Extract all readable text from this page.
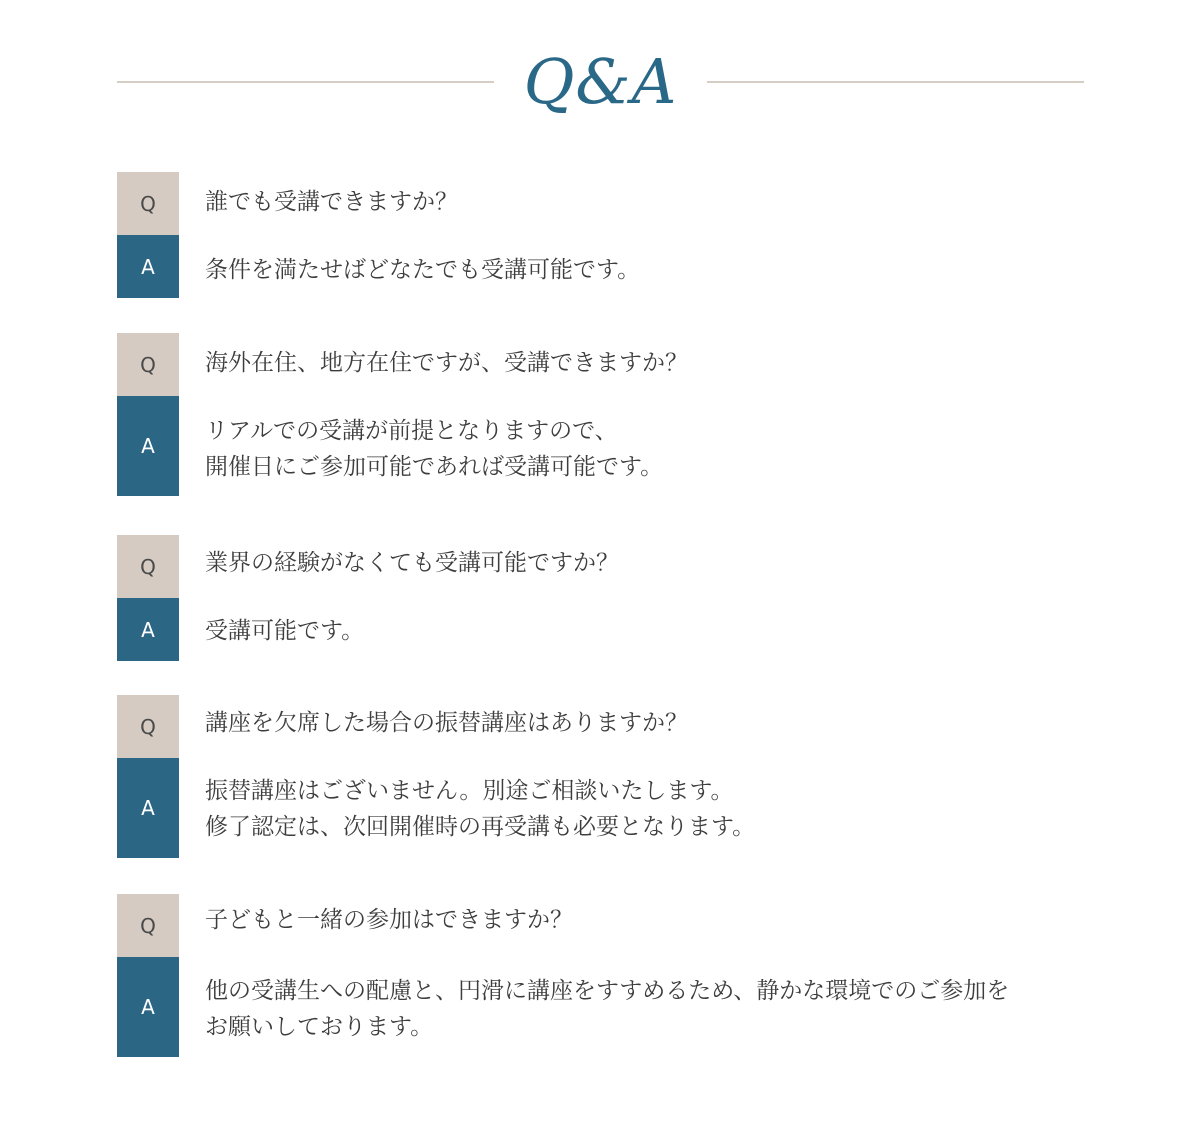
Q&A
Q	誰でも受講できますか？
A	条件を満たせばどなたでも受講可能です。
Q	海外在住、地方在住ですが、受講できますか？
A
リアルでの受講が前提となりますので、
開催日にご参加可能であれば受講可能です。
Q	業界の経験がなくても受講可能ですか？
A	受講可能です。
Q	講座を欠席した場合の振替講座はありますか？
A
振替講座はございません。別途ご相談いたします。
修了認定は、次回開催時の再受講も必要となります。
Q	子どもと一緒の参加はできますか？
A
他の受講生への配慮と、円滑に講座をすすめるため、静かな環境でのご参加を
お願いしております。
